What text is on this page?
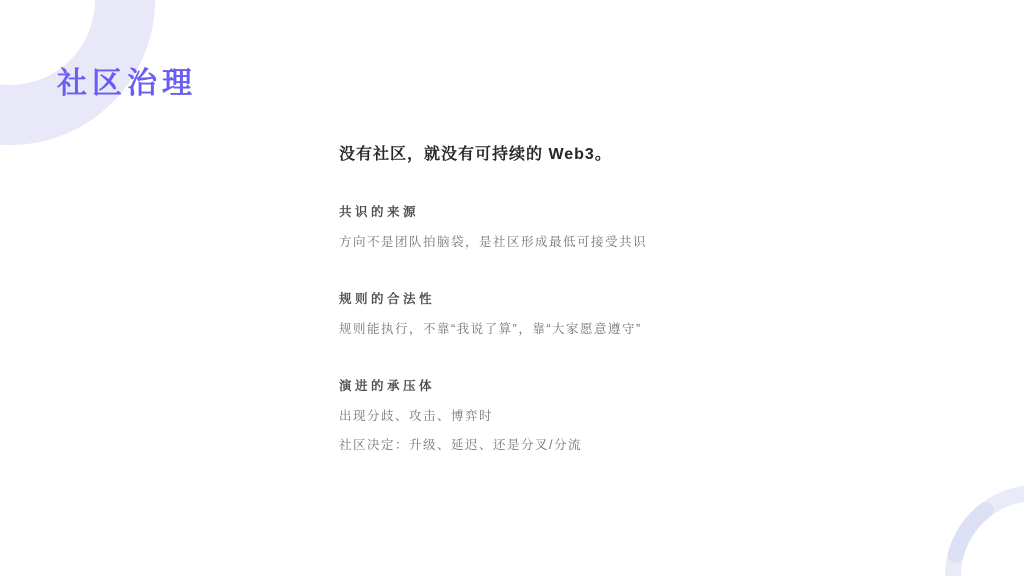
社区治理

没有社区，就没有可持续的 Web3。

共识的来源

方向不是团队拍脑袋，是社区形成最低可接受共识

规则的合法性

规则能执行，不靠“我说了算”，靠“大家愿意遵守”

演进的承压体

出现分歧、攻击、博弈时

社区决定：升级、延迟、还是分叉/分流
